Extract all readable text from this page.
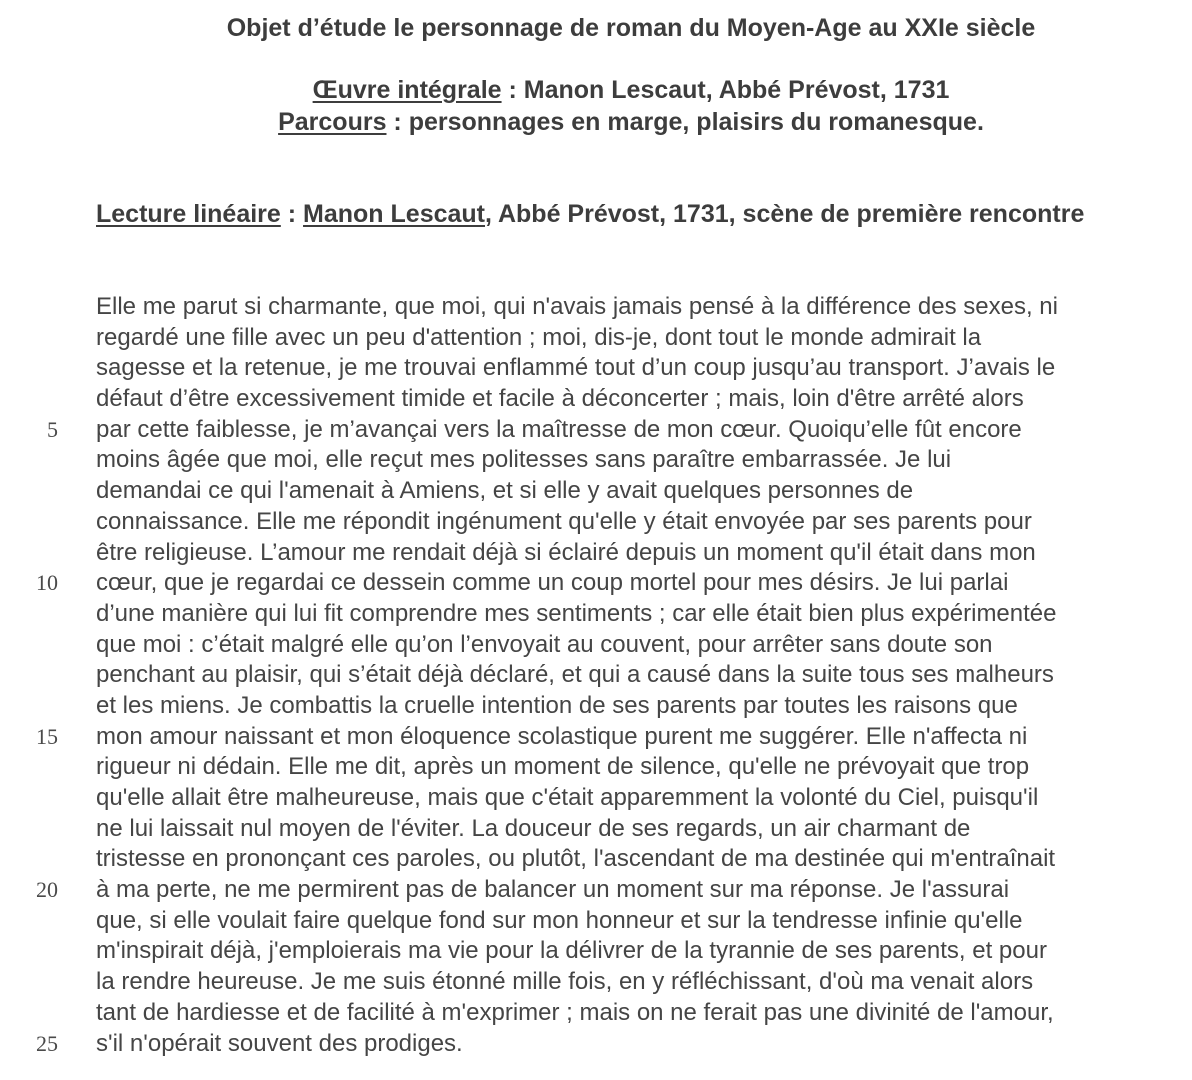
Objet d’étude le personnage de roman du Moyen-Age au XXIe siècle
Œuvre intégrale : Manon Lescaut, Abbé Prévost, 1731
Parcours : personnages en marge, plaisirs du romanesque.
Lecture linéaire : Manon Lescaut, Abbé Prévost, 1731, scène de première rencontre
Elle me parut si charmante, que moi, qui n'avais jamais pensé à la différence des sexes, ni
regardé une fille avec un peu d'attention ; moi, dis-je, dont tout le monde admirait la
sagesse et la retenue, je me trouvai enflammé tout d’un coup jusqu’au transport. J’avais le
défaut d’être excessivement timide et facile à déconcerter ; mais, loin d'être arrêté alors
5 par cette faiblesse, je m’avançai vers la maîtresse de mon cœur. Quoiqu’elle fût encore
moins âgée que moi, elle reçut mes politesses sans paraître embarrassée. Je lui
demandai ce qui l'amenait à Amiens, et si elle y avait quelques personnes de
connaissance. Elle me répondit ingénument qu'elle y était envoyée par ses parents pour
être religieuse. L’amour me rendait déjà si éclairé depuis un moment qu'il était dans mon
10 cœur, que je regardai ce dessein comme un coup mortel pour mes désirs. Je lui parlai
d’une manière qui lui fit comprendre mes sentiments ; car elle était bien plus expérimentée
que moi : c’était malgré elle qu’on l’envoyait au couvent, pour arrêter sans doute son
penchant au plaisir, qui s’était déjà déclaré, et qui a causé dans la suite tous ses malheurs
et les miens. Je combattis la cruelle intention de ses parents par toutes les raisons que
15 mon amour naissant et mon éloquence scolastique purent me suggérer. Elle n'affecta ni
rigueur ni dédain. Elle me dit, après un moment de silence, qu'elle ne prévoyait que trop
qu'elle allait être malheureuse, mais que c'était apparemment la volonté du Ciel, puisqu'il
ne lui laissait nul moyen de l'éviter. La douceur de ses regards, un air charmant de
tristesse en prononçant ces paroles, ou plutôt, l'ascendant de ma destinée qui m'entraînait
20 à ma perte, ne me permirent pas de balancer un moment sur ma réponse. Je l'assurai
que, si elle voulait faire quelque fond sur mon honneur et sur la tendresse infinie qu'elle
m'inspirait déjà, j'emploierais ma vie pour la délivrer de la tyrannie de ses parents, et pour
la rendre heureuse. Je me suis étonné mille fois, en y réfléchissant, d'où ma venait alors
tant de hardiesse et de facilité à m'exprimer ; mais on ne ferait pas une divinité de l'amour,
25 s'il n'opérait souvent des prodiges.
